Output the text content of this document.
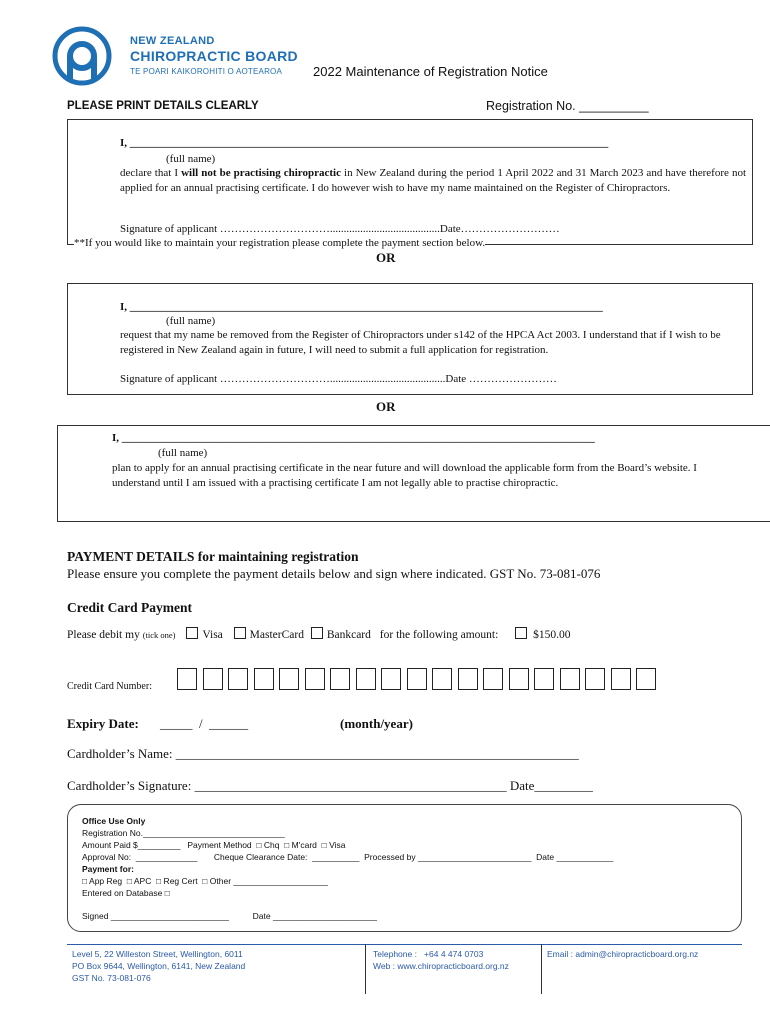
NEW ZEALAND
CHIROPRACTIC BOARD
TE POARI KAIKOROHITI O AOTEAROA 2022 Maintenance of Registration Notice
PLEASE PRINT DETAILS CLEARLY	Registration No. __________
I, _______________________________________________________________________________________
(full name)
declare that I will not be practising chiropractic in New Zealand during the period 1 April 2022 and 31 March 2023 and have therefore not applied for an annual practising certificate. I do however wish to have my name maintained on the Register of Chiropractors.
Signature of applicant …………………………........................................Date………………………
**If you would like to maintain your registration please complete the payment section below.
OR
I, ______________________________________________________________________________________
(full name)
request that my name be removed from the Register of Chiropractors under s142 of the HPCA Act 2003. I understand that if I wish to be registered in New Zealand again in future, I will need to submit a full application for registration.
Signature of applicant …………………………..........................................Date ……………………
OR
I, ______________________________________________________________________________________
(full name)
plan to apply for an annual practising certificate in the near future and will download the applicable form from the Board’s website. I understand until I am issued with a practising certificate I am not legally able to practise chiropractic.
PAYMENT DETAILS for maintaining registration
Please ensure you complete the payment details below and sign where indicated. GST No. 73-081-076
Credit Card Payment
Please debit my (tick one) Visa MasterCard Bankcard for the following amount:	$150.00
Credit Card Number:
Expiry Date: _____  /  ______	(month/year)
Cardholder’s Name: ______________________________________________________________
Cardholder’s Signature: ________________________________________________ Date_________
Office Use Only
Registration No.______________________________
Amount Paid $_________   Payment Method  □ Chq  □ M'card  □ Visa
Approval No:  _____________       Cheque Clearance Date:  __________  Processed by ________________________  Date ____________
Payment for:
□ App Reg  □ APC  □ Reg Cert  □ Other ____________________
Entered on Database □
Signed _________________________          Date ______________________
Level 5, 22 Willeston Street, Wellington, 6011
PO Box 9644, Wellington, 6141, New Zealand
GST No. 73-081-076
Telephone :   +64 4 474 0703
Web : www.chiropracticboard.org.nz
Email : admin@chiropracticboard.org.nz
